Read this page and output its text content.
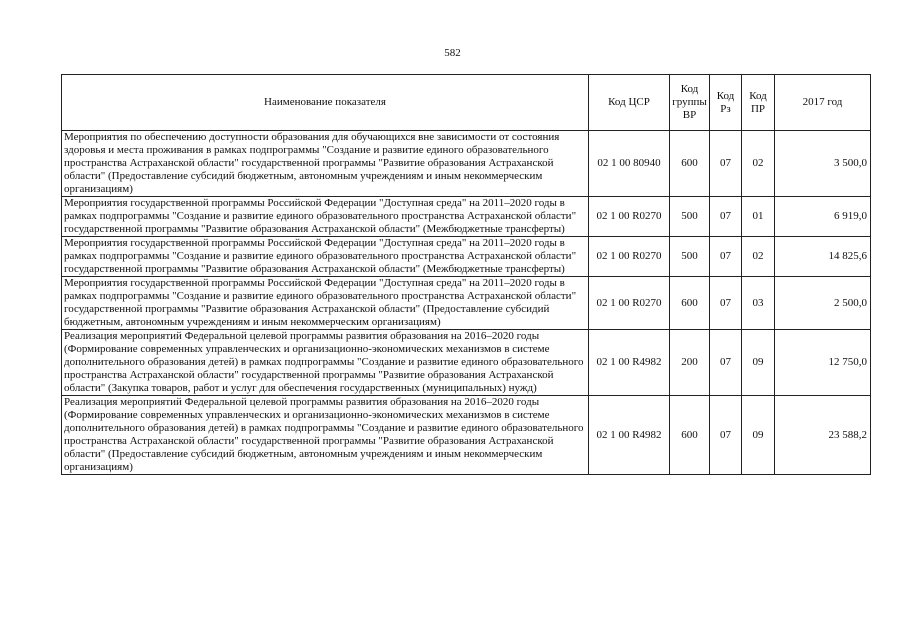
582
Наименование показателя	Код ЦСР	Код группы ВР	Код Рз	Код ПР	2017 год
Мероприятия по обеспечению доступности образования для обучающихся вне зависимости от состояния здоровья и места проживания в рамках подпрограммы "Создание и развитие единого образовательного пространства Астраханской области" государственной программы "Развитие образования Астраханской области" (Предоставление субсидий бюджетным, автономным учреждениям и иным некоммерческим организациям)	02 1 00 80940	600	07	02	3 500,0
Мероприятия государственной программы Российской Федерации "Доступная среда" на 2011–2020 годы в рамках подпрограммы "Создание и развитие единого образовательного пространства Астраханской области" государственной программы "Развитие образования Астраханской области" (Межбюджетные трансферты)	02 1 00 R0270	500	07	01	6 919,0
Мероприятия государственной программы Российской Федерации "Доступная среда" на 2011–2020 годы в рамках подпрограммы "Создание и развитие единого образовательного пространства Астраханской области" государственной программы "Развитие образования Астраханской области" (Межбюджетные трансферты)	02 1 00 R0270	500	07	02	14 825,6
Мероприятия государственной программы Российской Федерации "Доступная среда" на 2011–2020 годы в рамках подпрограммы "Создание и развитие единого образовательного пространства Астраханской области" государственной программы "Развитие образования Астраханской области" (Предоставление субсидий бюджетным, автономным учреждениям и иным некоммерческим организациям)	02 1 00 R0270	600	07	03	2 500,0
Реализация мероприятий Федеральной целевой программы развития образования на 2016–2020 годы (Формирование современных управленческих и организационно-экономических механизмов в системе дополнительного образования детей) в рамках подпрограммы "Создание и развитие единого образовательного пространства Астраханской области" государственной программы "Развитие образования Астраханской области" (Закупка товаров, работ и услуг для обеспечения государственных (муниципальных) нужд)	02 1 00 R4982	200	07	09	12 750,0
Реализация мероприятий Федеральной целевой программы развития образования на 2016–2020 годы (Формирование современных управленческих и организационно-экономических механизмов в системе дополнительного образования детей) в рамках подпрограммы "Создание и развитие единого образовательного пространства Астраханской области" государственной программы "Развитие образования Астраханской области" (Предоставление субсидий бюджетным, автономным учреждениям и иным некоммерческим организациям)	02 1 00 R4982	600	07	09	23 588,2
